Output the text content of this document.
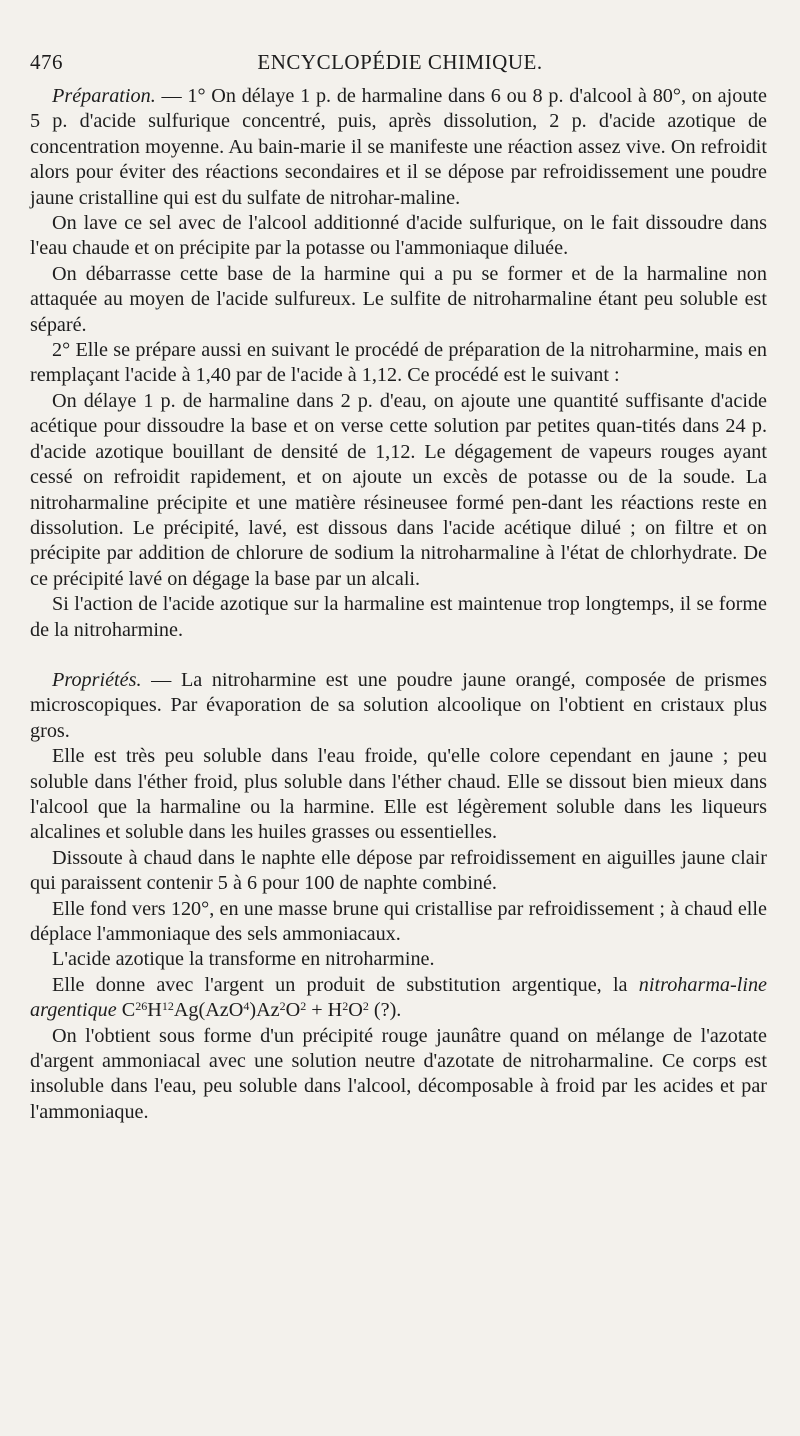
476	ENCYCLOPÉDIE CHIMIQUE.

Préparation. — 1° On délaye 1 p. de harmaline dans 6 ou 8 p. d'alcool à 80°, on ajoute 5 p. d'acide sulfurique concentré, puis, après dissolution, 2 p. d'acide azotique de concentration moyenne. Au bain-marie il se manifeste une réaction assez vive. On refroidit alors pour éviter des réactions secondaires et il se dépose par refroidissement une poudre jaune cristalline qui est du sulfate de nitrohar-maline.

On lave ce sel avec de l'alcool additionné d'acide sulfurique, on le fait dissoudre dans l'eau chaude et on précipite par la potasse ou l'ammoniaque diluée.

On débarrasse cette base de la harmine qui a pu se former et de la harmaline non attaquée au moyen de l'acide sulfureux. Le sulfite de nitroharmaline étant peu soluble est séparé.

2° Elle se prépare aussi en suivant le procédé de préparation de la nitroharmine, mais en remplaçant l'acide à 1,40 par de l'acide à 1,12. Ce procédé est le suivant :

On délaye 1 p. de harmaline dans 2 p. d'eau, on ajoute une quantité suffisante d'acide acétique pour dissoudre la base et on verse cette solution par petites quan-tités dans 24 p. d'acide azotique bouillant de densité de 1,12. Le dégagement de vapeurs rouges ayant cessé on refroidit rapidement, et on ajoute un excès de potasse ou de la soude. La nitroharmaline précipite et une matière résineusee formé pen-dant les réactions reste en dissolution. Le précipité, lavé, est dissous dans l'acide acétique dilué ; on filtre et on précipite par addition de chlorure de sodium la nitroharmaline à l'état de chlorhydrate. De ce précipité lavé on dégage la base par un alcali.

Si l'action de l'acide azotique sur la harmaline est maintenue trop longtemps, il se forme de la nitroharmine.

Propriétés. — La nitroharmine est une poudre jaune orangé, composée de prismes microscopiques. Par évaporation de sa solution alcoolique on l'obtient en cristaux plus gros.

Elle est très peu soluble dans l'eau froide, qu'elle colore cependant en jaune ; peu soluble dans l'éther froid, plus soluble dans l'éther chaud. Elle se dissout bien mieux dans l'alcool que la harmaline ou la harmine. Elle est légèrement soluble dans les liqueurs alcalines et soluble dans les huiles grasses ou essentielles.

Dissoute à chaud dans le naphte elle dépose par refroidissement en aiguilles jaune clair qui paraissent contenir 5 à 6 pour 100 de naphte combiné.

Elle fond vers 120°, en une masse brune qui cristallise par refroidissement ; à chaud elle déplace l'ammoniaque des sels ammoniacaux.

L'acide azotique la transforme en nitroharmine.

Elle donne avec l'argent un produit de substitution argentique, la nitroharma-line argentique $C^{26}H^{12}Ag(AzO^4)Az^2O^2 + H^2O^2$ (?).

On l'obtient sous forme d'un précipité rouge jaunâtre quand on mélange de l'azotate d'argent ammoniacal avec une solution neutre d'azotate de nitroharmaline. Ce corps est insoluble dans l'eau, peu soluble dans l'alcool, décomposable à froid par les acides et par l'ammoniaque.
